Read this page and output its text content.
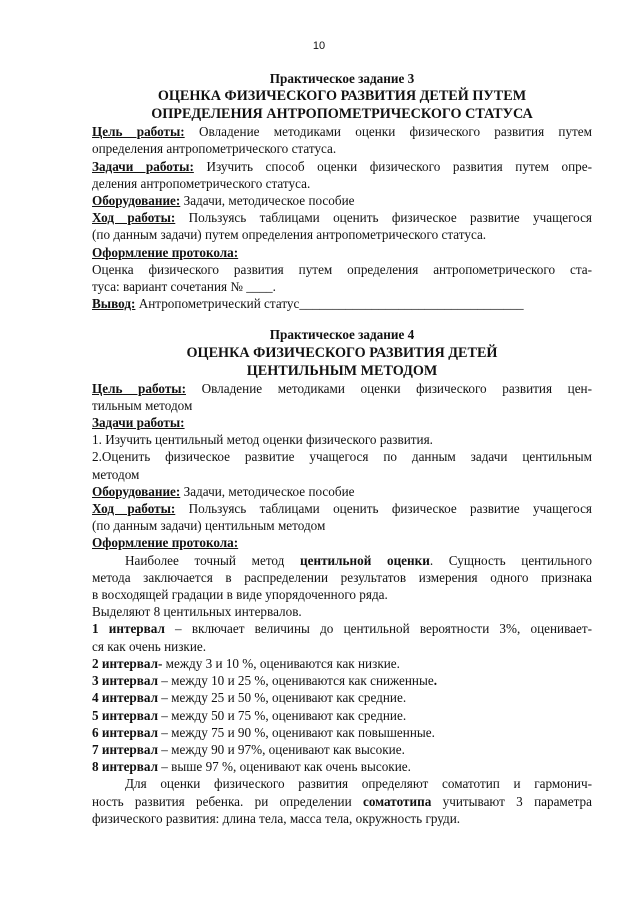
10
Практическое задание 3
ОЦЕНКА ФИЗИЧЕСКОГО РАЗВИТИЯ ДЕТЕЙ ПУТЕМ
ОПРЕДЕЛЕНИЯ АНТРОПОМЕТРИЧЕСКОГО СТАТУСА
Цель работы: Овладение методиками оценки физического развития путем
определения антропометрического статуса.
Задачи работы: Изучить способ оценки физического развития путем опре-
деления антропометрического статуса.
Оборудование: Задачи, методическое пособие
Ход работы: Пользуясь таблицами оценить физическое развитие учащегося
(по данным задачи) путем определения антропометрического статуса.
Оформление протокола:
Оценка физического развития путем определения антропометрического ста-
туса: вариант сочетания № ____.
Вывод: Антропометрический статус__________________________________
Практическое задание 4
ОЦЕНКА ФИЗИЧЕСКОГО РАЗВИТИЯ ДЕТЕЙ
ЦЕНТИЛЬНЫМ МЕТОДОМ
Цель работы: Овладение методиками оценки физического развития цен-
тильным методом
Задачи работы:
1. Изучить центильный метод оценки физического развития.
2.Оценить физическое развитие учащегося по данным задачи центильным
методом
Оборудование: Задачи, методическое пособие
Ход работы: Пользуясь таблицами оценить физическое развитие учащегося
(по данным задачи) центильным методом
Оформление протокола:
Наиболее точный метод центильной оценки. Сущность центильного
метода заключается в распределении результатов измерения одного признака
в восходящей градации в виде упорядоченного ряда.
Выделяют 8 центильных интервалов.
1 интервал – включает величины до центильной вероятности 3%, оценивает-
ся как очень низкие.
2 интервал- между 3 и 10 %, оцениваются как низкие.
3 интервал – между 10 и 25 %, оцениваются как сниженные.
4 интервал – между 25 и 50 %, оценивают как средние.
5 интервал – между 50 и 75 %, оценивают как средние.
6 интервал – между 75 и 90 %, оценивают как повышенные.
7 интервал – между 90 и 97%, оценивают как высокие.
8 интервал – выше 97 %, оценивают как очень высокие.
Для оценки физического развития определяют соматотип и гармонич-
ность развития ребенка. ри определении соматотипа учитывают 3 параметра
физического развития: длина тела, масса тела, окружность груди.
